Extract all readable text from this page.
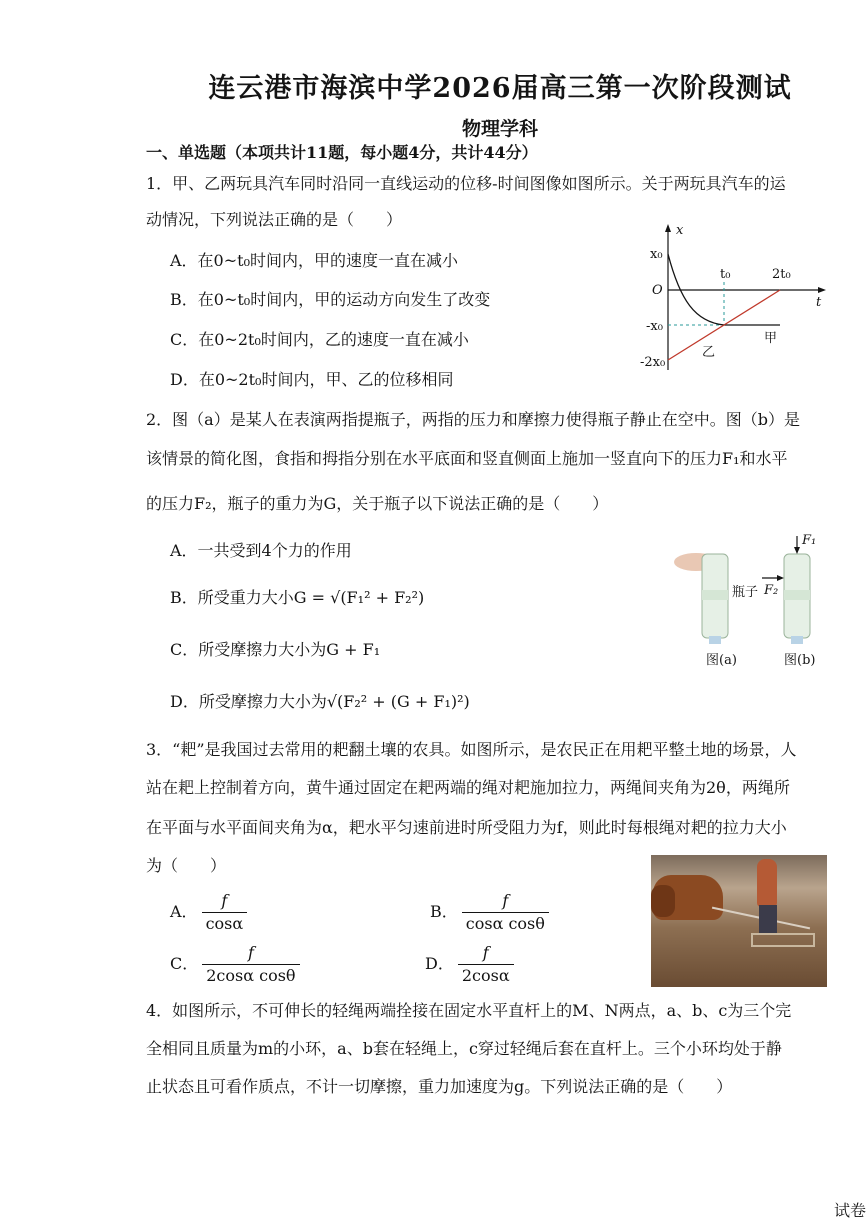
连云港市海滨中学2026届高三第一次阶段测试
物理学科
一、单选题（本项共计11题，每小题4分，共计44分）
1．甲、乙两玩具汽车同时沿同一直线运动的位移-时间图像如图所示。关于两玩具汽车的运
动情况，下列说法正确的是（　　）
A．在0~t₀时间内，甲的速度一直在减小
B．在0~t₀时间内，甲的运动方向发生了改变
C．在0~2t₀时间内，乙的速度一直在减小
D．在0~2t₀时间内，甲、乙的位移相同
x
t
O
x₀
-x₀
-2x₀
t₀	2t₀
甲
乙
2．图（a）是某人在表演两指提瓶子，两指的压力和摩擦力使得瓶子静止在空中。图（b）是
该情景的简化图，食指和拇指分别在水平底面和竖直侧面上施加一竖直向下的压力F₁和水平
的压力F₂，瓶子的重力为G，关于瓶子以下说法正确的是（　　）
A．一共受到4个力的作用
B．所受重力大小G = √(F₁² + F₂²)
C．所受摩擦力大小为G + F₁
D．所受摩擦力大小为√(F₂² + (G + F₁)²)
瓶子
图(a)
F₁
F₂
图(b)
3．“耙”是我国过去常用的耙翻土壤的农具。如图所示，是农民正在用耙平整土地的场景，人
站在耙上控制着方向，黄牛通过固定在耙两端的绳对耙施加拉力，两绳间夹角为2θ，两绳所
在平面与水平面间夹角为α，耙水平匀速前进时所受阻力为f，则此时每根绳对耙的拉力大小
为（　　）
A． $\frac{f}{\cos\alpha}$	B． $\frac{f}{\text{cosα cosθ}}$
C． $\frac{f}{\text{2cosα cosθ}}$	D． $\frac{f}{2\cos\alpha}$
4．如图所示，不可伸长的轻绳两端拴接在固定水平直杆上的M、N两点，a、b、c为三个完
全相同且质量为m的小环，a、b套在轻绳上，c穿过轻绳后套在直杆上。三个小环均处于静
止状态且可看作质点，不计一切摩擦，重力加速度为g。下列说法正确的是（　　）
试卷
